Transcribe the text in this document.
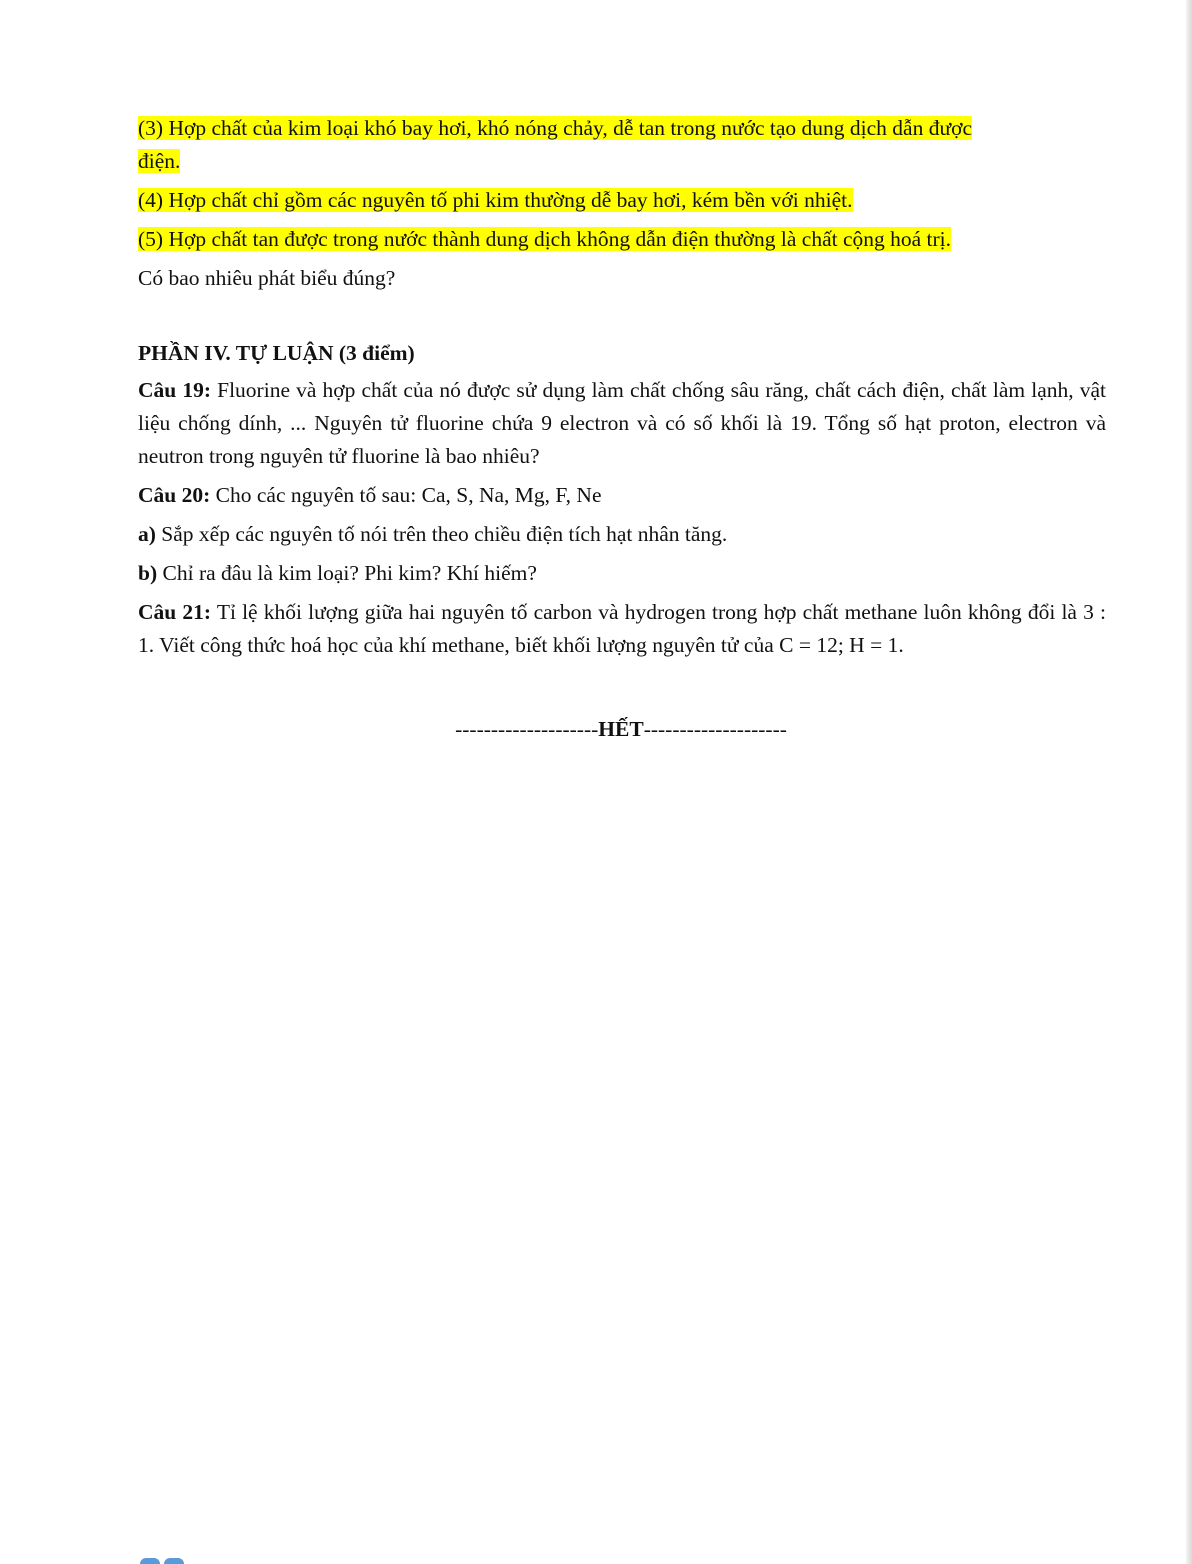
(3) Hợp chất của kim loại khó bay hơi, khó nóng chảy, dễ tan trong nước tạo dung dịch dẫn được

điện.

(4) Hợp chất chỉ gồm các nguyên tố phi kim thường dễ bay hơi, kém bền với nhiệt.

(5) Hợp chất tan được trong nước thành dung dịch không dẫn điện thường là chất cộng hoá trị.

Có bao nhiêu phát biểu đúng?

PHẦN IV. TỰ LUẬN (3 điểm)

Câu 19: Fluorine và hợp chất của nó được sử dụng làm chất chống sâu răng, chất cách điện, chất làm lạnh, vật liệu chống dính, ... Nguyên tử fluorine chứa 9 electron và có số khối là 19. Tổng số hạt proton, electron và neutron trong nguyên tử fluorine là bao nhiêu?

Câu 20: Cho các nguyên tố sau: Ca, S, Na, Mg, F, Ne

a) Sắp xếp các nguyên tố nói trên theo chiều điện tích hạt nhân tăng.

b) Chỉ ra đâu là kim loại? Phi kim? Khí hiếm?

Câu 21: Tỉ lệ khối lượng giữa hai nguyên tố carbon và hydrogen trong hợp chất methane luôn không đổi là 3 : 1. Viết công thức hoá học của khí methane, biết khối lượng nguyên tử của C = 12; H = 1.

--------------------HẾT--------------------
